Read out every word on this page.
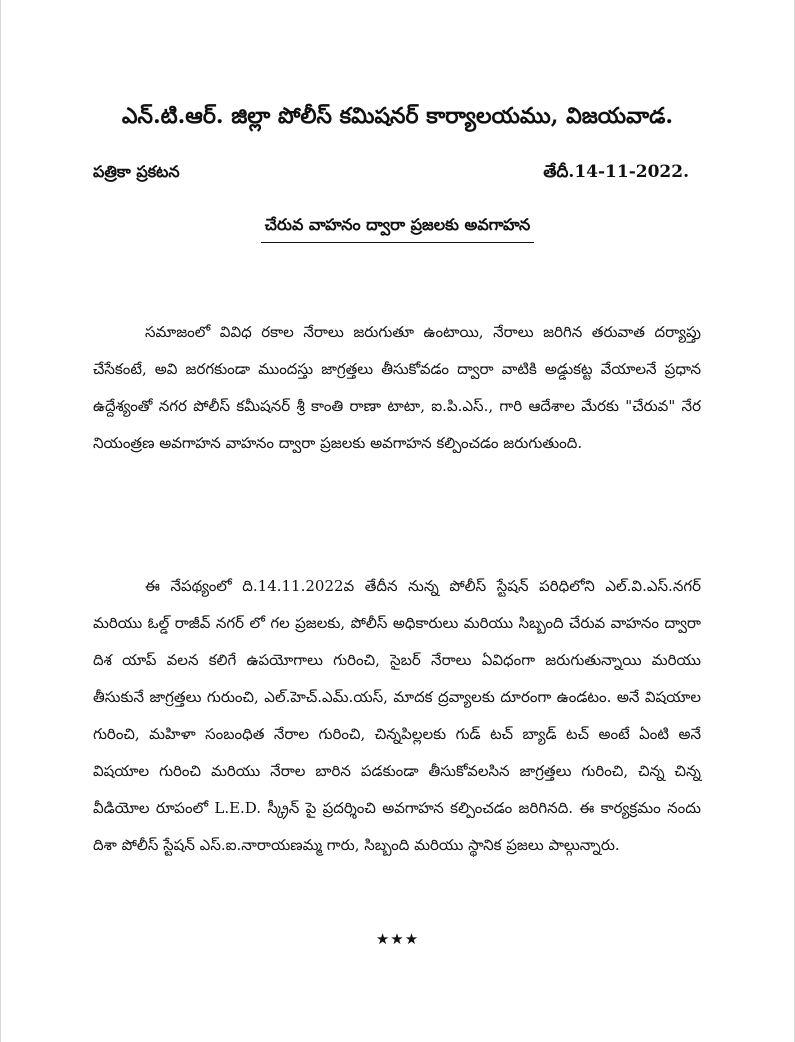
ఎన్.టి.ఆర్. జిల్లా పోలీస్ కమిషనర్ కార్యాలయము, విజయవాడ.
పత్రికా ప్రకటన	తేదీ.14-11-2022.
చేరువ వాహనం ద్వారా ప్రజలకు అవగాహన

సమాజంలో వివిధ రకాల నేరాలు జరుగుతూ ఉంటాయి, నేరాలు జరిగిన తరువాత దర్యాప్తు చేసేకంటే, అవి జరగకుండా ముందస్తు జాగ్రత్తలు తీసుకోవడం ద్వారా వాటికి అడ్డుకట్ట వేయాలనే ప్రధాన ఉద్దేశ్యంతో నగర పోలీస్ కమీషనర్ శ్రీ కాంతి రాణా టాటా, ఐ.పి.ఎస్., గారి ఆదేశాల మేరకు "చేరువ" నేర నియంత్రణ అవగాహన వాహనం ద్వారా ప్రజలకు అవగాహన కల్పించడం జరుగుతుంది.

ఈ నేపథ్యంలో ది.14.11.2022వ తేదీన నున్న పోలీస్ స్టేషన్ పరిధిలోని ఎల్.వి.ఎస్.నగర్ మరియు ఓల్డ్ రాజీవ్ నగర్ లో గల ప్రజలకు, పోలీస్ అధికారులు మరియు సిబ్బంది చేరువ వాహనం ద్వారా దిశ యాప్ వలన కలిగే ఉపయోగాలు గురించి, సైబర్ నేరాలు ఏవిధంగా జరుగుతున్నాయి మరియు తీసుకునే జాగ్రత్తలు గురుంచి, ఎల్.హెచ్.ఎమ్.యస్, మాదక ద్రవ్యాలకు దూరంగా ఉండటం. అనే విషయాల గురించి, మహిళా సంబంధిత నేరాల గురించి, చిన్నపిల్లలకు గుడ్ టచ్ బ్యాడ్ టచ్ అంటే ఏంటి అనే విషయాల గురించి మరియు నేరాల బారిన పడకుండా తీసుకోవలసిన జాగ్రత్తలు గురించి, చిన్న చిన్న వీడియోల రూపంలో L.E.D. స్క్రీన్ పై ప్రదర్శించి అవగాహన కల్పించడం జరిగినది. ఈ కార్యక్రమం నందు దిశా పోలీస్ స్టేషన్ ఎస్.ఐ.నారాయణమ్మ గారు, సిబ్బంది మరియు స్థానిక ప్రజలు పాల్గున్నారు.

★★★
